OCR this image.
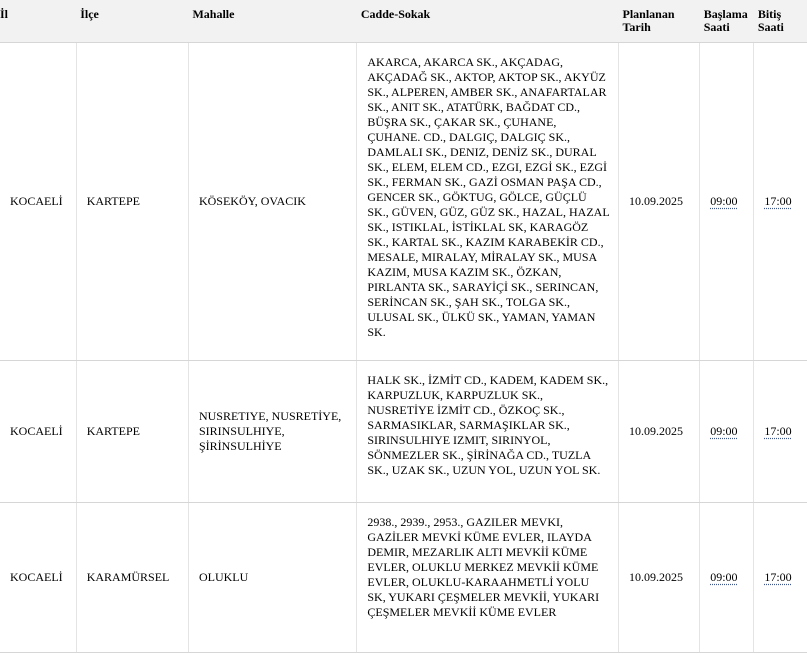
İl	İlçe	Mahalle	Cadde-Sokak	Planlanan Tarih	Başlama Saati	Bitiş Saati
KOCAELİ	KARTEPE	KÖSEKÖY, OVACIK	AKARCA, AKARCA SK., AKÇADAG, AKÇADAĞ SK., AKTOP, AKTOP SK., AKYÜZ SK., ALPEREN, AMBER SK., ANAFARTALAR SK., ANIT SK., ATATÜRK, BAĞDAT CD., BÜŞRA SK., ÇAKAR SK., ÇUHANE, ÇUHANE. CD., DALGIÇ, DALGIÇ SK., DAMLALI SK., DENIZ, DENİZ SK., DURAL SK., ELEM, ELEM CD., EZGI, EZGİ SK., EZGİ SK., FERMAN SK., GAZİ OSMAN PAŞA CD., GENCER SK., GÖKTUG, GÖLCE, GÜÇLÜ SK., GÜVEN, GÜZ, GÜZ SK., HAZAL, HAZAL SK., ISTIKLAL, İSTİKLAL SK, KARAGÖZ SK., KARTAL SK., KAZIM KARABEKİR CD., MESALE, MIRALAY, MİRALAY SK., MUSA KAZIM, MUSA KAZIM SK., ÖZKAN, PIRLANTA SK., SARAYİÇİ SK., SERINCAN, SERİNCAN SK., ŞAH SK., TOLGA SK., ULUSAL SK., ÜLKÜ SK., YAMAN, YAMAN SK.	10.09.2025	09:00	17:00
KOCAELİ	KARTEPE	NUSRETIYE, NUSRETİYE, SIRINSULHIYE, ŞİRİNSULHİYE	HALK SK., İZMİT CD., KADEM, KADEM SK., KARPUZLUK, KARPUZLUK SK., NUSRETİYE İZMİT CD., ÖZKOÇ SK., SARMASIKLAR, SARMAŞIKLAR SK., SIRINSULHIYE IZMIT, SIRINYOL, SÖNMEZLER SK., ŞİRİNAĞA CD., TUZLA SK., UZAK SK., UZUN YOL, UZUN YOL SK.	10.09.2025	09:00	17:00
KOCAELİ	KARAMÜRSEL	OLUKLU	2938., 2939., 2953., GAZILER MEVKI, GAZİLER MEVKİ KÜME EVLER, ILAYDA DEMIR, MEZARLIK ALTI MEVKİİ KÜME EVLER, OLUKLU MERKEZ MEVKİİ KÜME EVLER, OLUKLU-KARAAHMETLİ YOLU SK, YUKARI ÇEŞMELER MEVKİİ, YUKARI ÇEŞMELER MEVKİİ KÜME EVLER	10.09.2025	09:00	17:00
